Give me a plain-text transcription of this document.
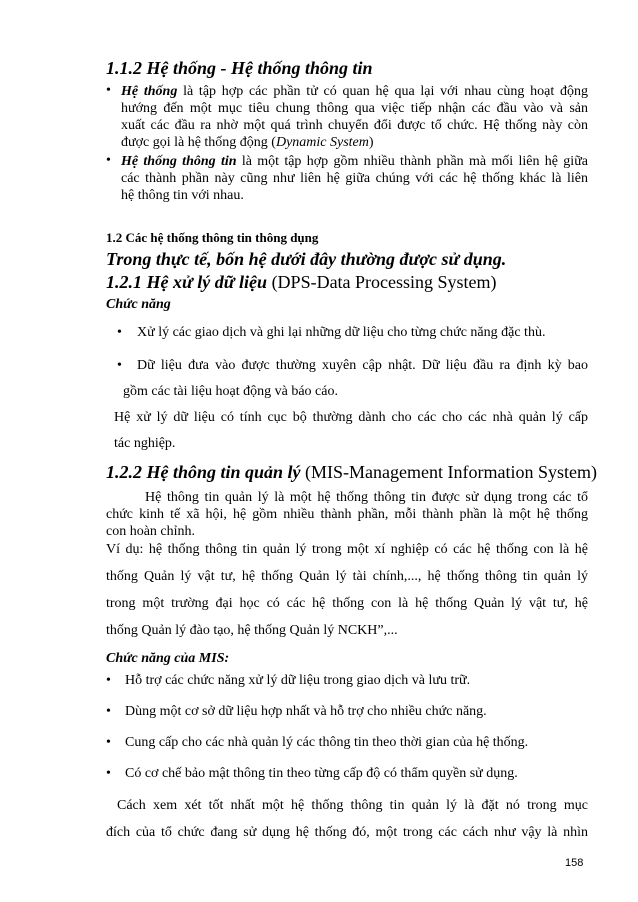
1.1.2 Hệ thống - Hệ thống thông tin
• Hệ thống là tập hợp các phần tử có quan hệ qua lại với nhau cùng hoạt động
hướng đến một mục tiêu chung thông qua việc tiếp nhận các đầu vào và sản
xuất các đầu ra nhờ một quá trình chuyển đổi được tổ chức. Hệ thống này còn
được gọi là hệ thống động (Dynamic System)
• Hệ thống thông tin là một tập hợp gồm nhiều thành phần mà mối liên hệ giữa
các thành phần này cũng như liên hệ giữa chúng với các hệ thống khác là liên
hệ thông tin với nhau.
1.2 Các hệ thống thông tin thông dụng
Trong thực tế, bốn hệ dưới đây thường được sử dụng.
1.2.1 Hệ xử lý dữ liệu (DPS-Data Processing System)
Chức năng
• Xử lý các giao dịch và ghi lại những dữ liệu cho từng chức năng đặc thù.
• Dữ liệu đưa vào được thường xuyên cập nhật. Dữ liệu đầu ra định kỳ bao
gồm các tài liệu hoạt động và báo cáo.
Hệ xử lý dữ liệu có tính cục bộ thường dành cho các cho các nhà quản lý cấp
tác nghiệp.
1.2.2 Hệ thông tin quản lý (MIS-Management Information System)
Hệ thông tin quản lý là một hệ thống thông tin được sử dụng trong các tổ
chức kinh tế xã hội, hệ gồm nhiều thành phần, mỗi thành phần là một hệ thống
con hoàn chỉnh.
Ví dụ: hệ thống thông tin quản lý trong một xí nghiệp có các hệ thống con là hệ
thống Quản lý vật tư, hệ thống Quản lý tài chính,..., hệ thống thông tin quản lý
trong một trường đại học có các hệ thống con là hệ thống Quản lý vật tư, hệ
thống Quản lý đào tạo, hệ thống Quản lý NCKH”,...
Chức năng của MIS:
• Hỗ trợ các chức năng xử lý dữ liệu trong giao dịch và lưu trữ.
• Dùng một cơ sở dữ liệu hợp nhất và hỗ trợ cho nhiều chức năng.
• Cung cấp cho các nhà quản lý các thông tin theo thời gian của hệ thống.
• Có cơ chế bảo mật thông tin theo từng cấp độ có thẩm quyền sử dụng.
Cách xem xét tốt nhất một hệ thống thông tin quản lý là đặt nó trong mục
đích của tổ chức đang sử dụng hệ thống đó, một trong các cách như vậy là nhìn
158
